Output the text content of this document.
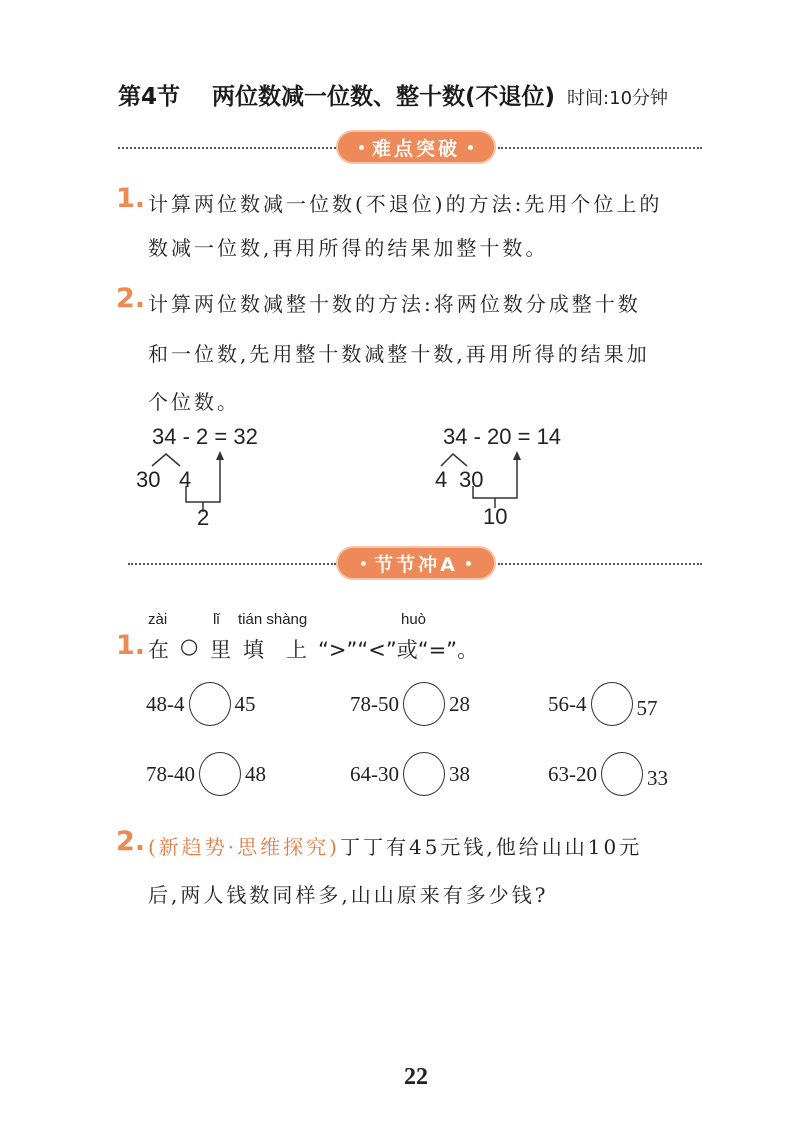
第4节 两位数减一位数、整十数(不退位) 时间:10分钟
难点突破
1. 计算两位数减一位数(不退位)的方法:先用个位上的
数减一位数,再用所得的结果加整十数。
2. 计算两位数减整十数的方法:将两位数分成整十数
和一位数,先用整十数减整十数,再用所得的结果加
个位数。
34 - 2 = 32
30 4
2
34 - 20 = 14
4 30
10
节节冲A
zài	lǐ tián shàng	huò
1. 在 ○ 里 填 上 “>”“<”或“=”。
48-4 45	78-50 28	56-4 57
78-40 48	64-30 38	63-20 33
2. (新趋势·思维探究)丁丁有45元钱,他给山山10元
后,两人钱数同样多,山山原来有多少钱?
22
